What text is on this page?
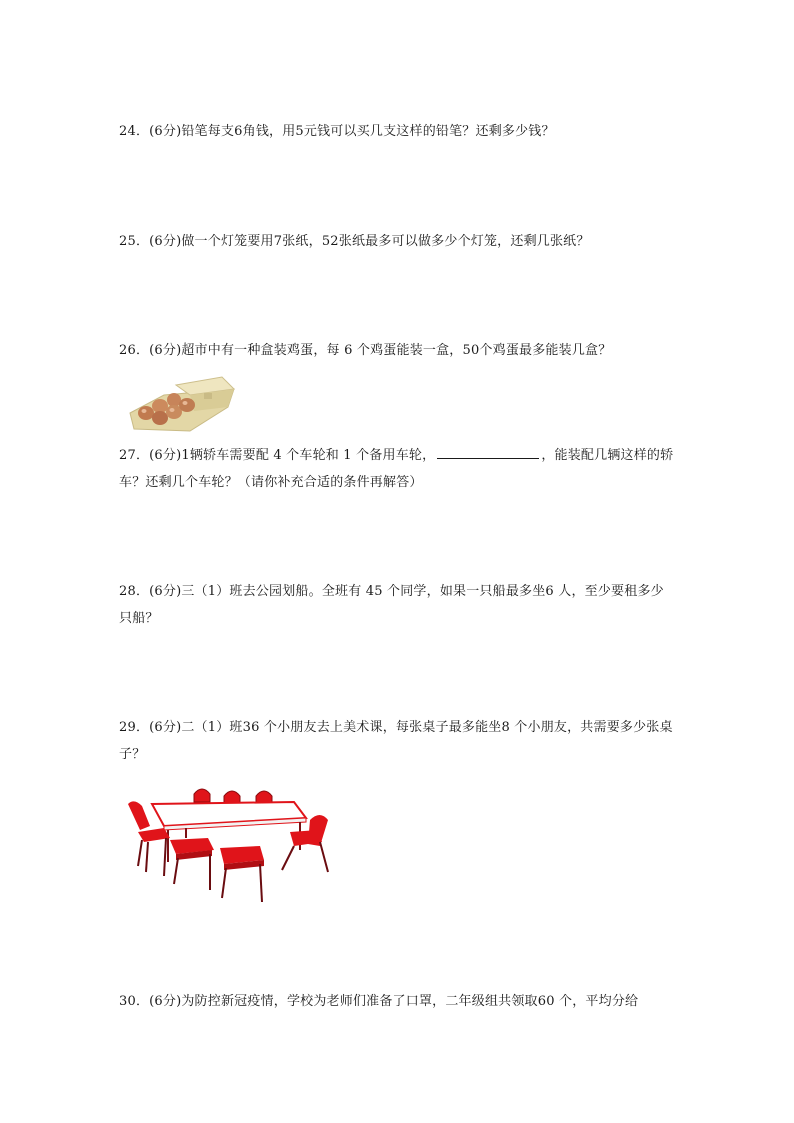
24．(6分)铅笔每支6角钱，用5元钱可以买几支这样的铅笔？还剩多少钱？
25．(6分)做一个灯笼要用7张纸，52张纸最多可以做多少个灯笼，还剩几张纸？
26．(6分)超市中有一种盒装鸡蛋，每 6 个鸡蛋能装一盒，50个鸡蛋最多能装几盒？
27．(6分)1辆轿车需要配 4 个车轮和 1 个备用车轮，	，能装配几辆这样的轿车？还剩几个车轮？（请你补充合适的条件再解答）
28．(6分)三（1）班去公园划船。全班有 45 个同学，如果一只船最多坐6 人，至少要租多少只船？
29．(6分)二（1）班36 个小朋友去上美术课，每张桌子最多能坐8 个小朋友，共需要多少张桌子？
30．(6分)为防控新冠疫情，学校为老师们准备了口罩，二年级组共领取60 个，平均分给
